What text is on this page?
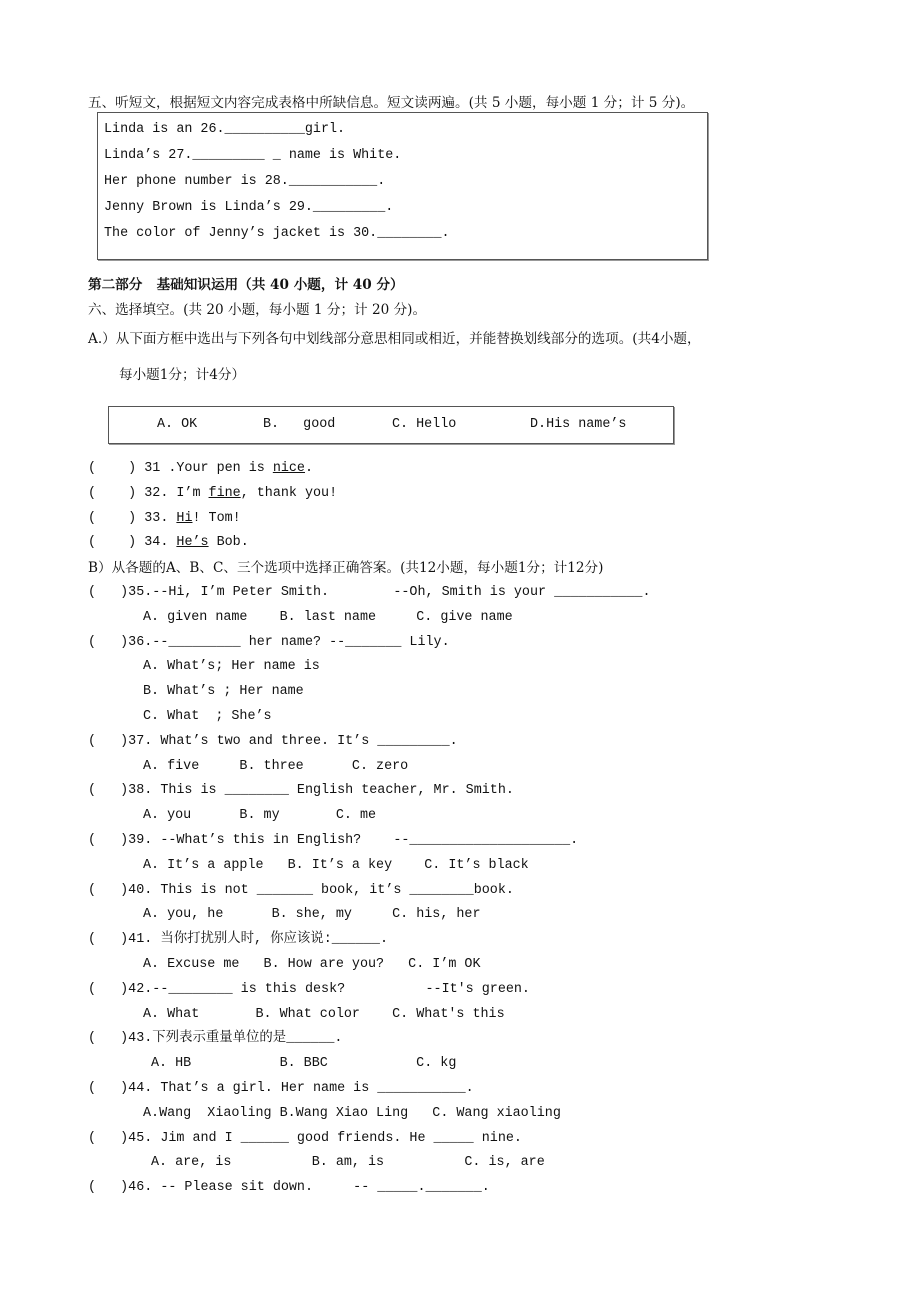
五、听短文，根据短文内容完成表格中所缺信息。短文读两遍。(共 5 小题，每小题 1 分；计 5 分)。
Linda is an 26.__________girl.
Linda’s 27._________ _ name is White.
Her phone number is 28.___________.
Jenny Brown is Linda’s 29._________.
The color of Jenny’s jacket is 30.________.
第二部分   基础知识运用（共 40 小题，计 40 分）
六、选择填空。(共 20 小题，每小题 1 分；计 20 分)。
A.）从下面方框中选出与下列各句中划线部分意思相同或相近，并能替换划线部分的选项。(共4小题，
每小题1分；计4分）
A. OK	B.   good	C. Hello	D.His name’s
(    ) 31 .Your pen is nice.
(    ) 32. I’m fine, thank you!
(    ) 33. Hi! Tom!
(    ) 34. He’s Bob.
B）从各题的A、B、C、三个选项中选择正确答案。(共12小题，每小题1分；计12分)
(   )35.--Hi, I’m Peter Smith.        --Oh, Smith is your ___________.
A. given name    B. last name     C. give name
(   )36.--_________ her name? --_______ Lily.
A. What’s; Her name is
B. What’s ; Her name
C. What  ; She’s
(   )37. What’s two and three. It’s _________.
A. five     B. three      C. zero
(   )38. This is ________ English teacher, Mr. Smith.
A. you      B. my       C. me
(   )39. --What’s this in English?    --____________________.
A. It’s a apple   B. It’s a key    C. It’s black
(   )40. This is not _______ book, it’s ________book.
A. you, he      B. she, my     C. his, her
(   )41. 当你打扰别人时, 你应该说:______.
A. Excuse me   B. How are you?   C. I’m OK
(   )42.--________ is this desk?          --It's green.
A. What       B. What color    C. What's this
(   )43.下列表示重量单位的是______.
A. HB           B. BBC           C. kg
(   )44. That’s a girl. Her name is ___________.
A.Wang  Xiaoling B.Wang Xiao Ling   C. Wang xiaoling
(   )45. Jim and I ______ good friends. He _____ nine.
A. are, is          B. am, is          C. is, are
(   )46. -- Please sit down.     -- _____._______.
